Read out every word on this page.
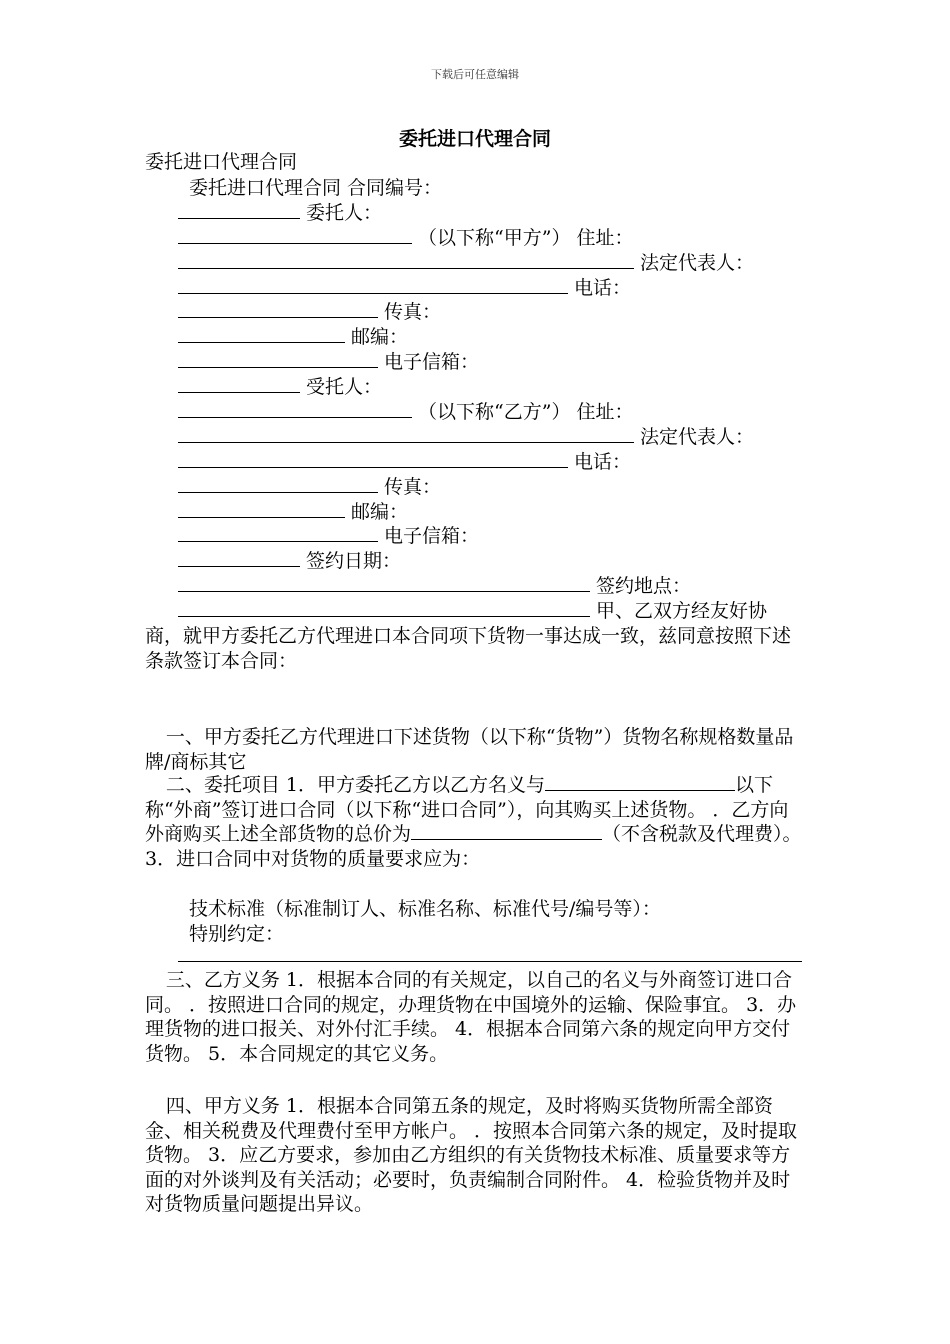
下载后可任意编辑
委托进口代理合同
委托进口代理合同
委托进口代理合同 合同编号：
委托人：
（以下称“甲方”） 住址：
法定代表人：
电话：
传真：
邮编：
电子信箱：
受托人：
（以下称“乙方”） 住址：
法定代表人：
电话：
传真：
邮编：
电子信箱：
签约日期：
签约地点：
甲、乙双方经友好协
商，就甲方委托乙方代理进口本合同项下货物一事达成一致，兹同意按照下述条款签订本合同：
一、甲方委托乙方代理进口下述货物（以下称“货物”）货物名称规格数量品牌/商标其它
二、委托项目 1．甲方委托乙方以乙方名义与	以下称“外商”签订进口合同（以下称“进口合同”），向其购买上述货物。 ．乙方向外商购买上述全部货物的总价为	（不含税款及代理费）。 3．进口合同中对货物的质量要求应为：
技术标准（标准制订人、标准名称、标准代号/编号等）：
特别约定：
三、乙方义务 1．根据本合同的有关规定，以自己的名义与外商签订进口合同。 ．按照进口合同的规定，办理货物在中国境外的运输、保险事宜。 3．办理货物的进口报关、对外付汇手续。 4．根据本合同第六条的规定向甲方交付货物。 5．本合同规定的其它义务。
四、甲方义务 1．根据本合同第五条的规定，及时将购买货物所需全部资金、相关税费及代理费付至甲方帐户。 ．按照本合同第六条的规定，及时提取货物。 3．应乙方要求，参加由乙方组织的有关货物技术标准、质量要求等方面的对外谈判及有关活动；必要时，负责编制合同附件。 4．检验货物并及时对货物质量问题提出异议。
